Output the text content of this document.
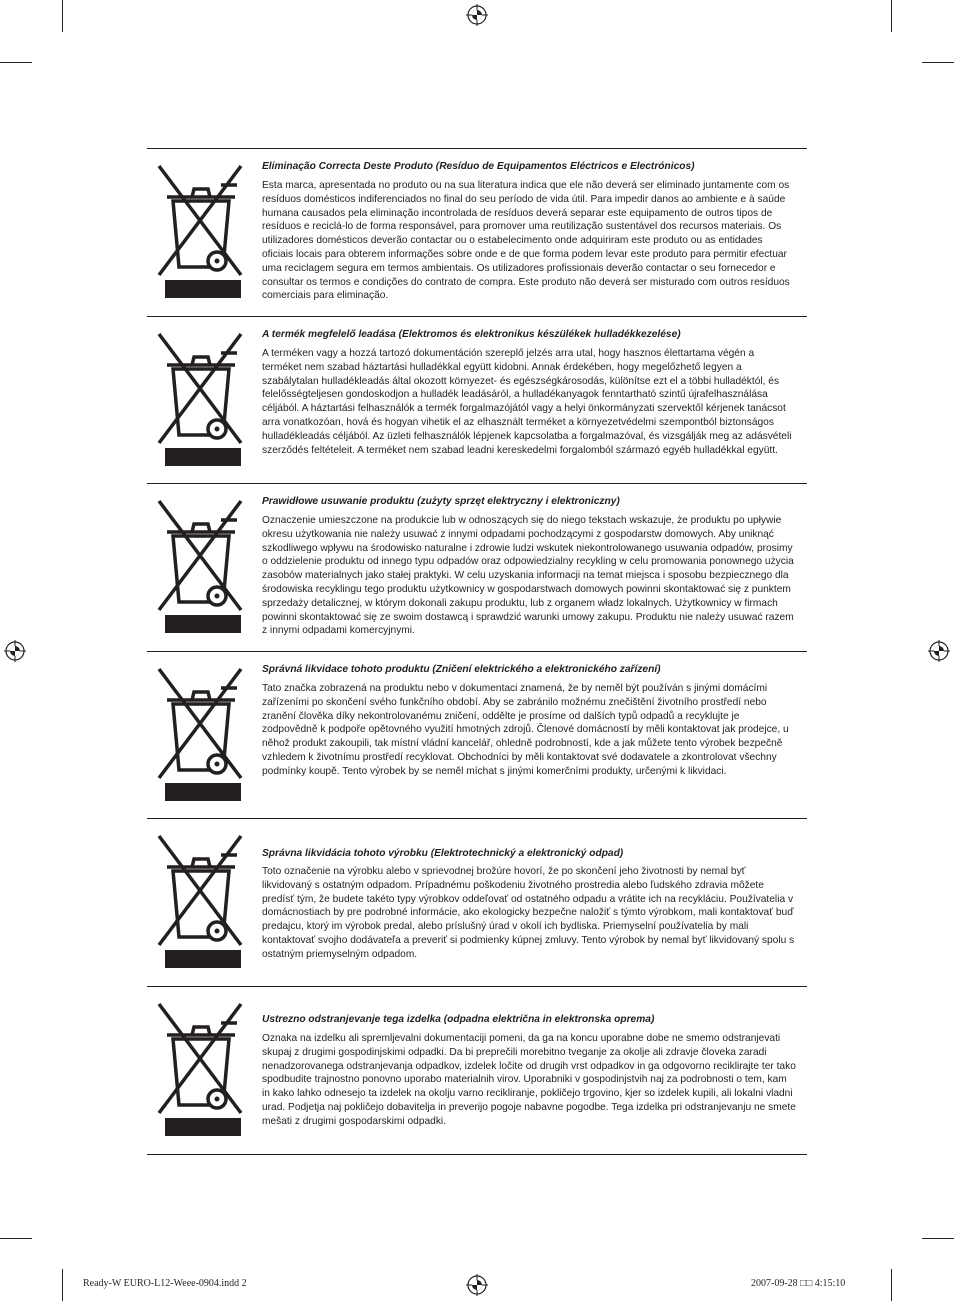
Eliminação Correcta Deste Produto (Resíduo de Equipamentos Eléctricos e Electrónicos)
Esta marca, apresentada no produto ou na sua literatura indica que ele não deverá ser eliminado juntamente com os resíduos domésticos indiferenciados no final do seu período de vida útil. Para impedir danos ao ambiente e à saúde humana causados pela eliminação incontrolada de resíduos deverá separar este equipamento de outros tipos de resíduos e reciclá-lo de forma responsável, para promover uma reutilização sustentável dos recursos materiais. Os utilizadores domésticos deverão contactar ou o estabelecimento onde adquiriram este produto ou as entidades oficiais locais para obterem informações sobre onde e de que forma podem levar este produto para permitir efectuar uma reciclagem segura em termos ambientais. Os utilizadores profissionais deverão contactar o seu fornecedor e consultar os termos e condições do contrato de compra. Este produto não deverá ser misturado com outros resíduos comerciais para eliminação.
A termék megfelelő leadása (Elektromos és elektronikus készülékek hulladékkezelése)
A terméken vagy a hozzá tartozó dokumentáción szereplő jelzés arra utal, hogy hasznos élettartama végén a terméket nem szabad háztartási hulladékkal együtt kidobni. Annak érdekében, hogy megelőzhető legyen a szabálytalan hulladékleadás által okozott környezet- és egészségkárosodás, különítse ezt el a többi hulladéktól, és felelősségteljesen gondoskodjon a hulladék leadásáról, a hulladékanyagok fenntartható szintű újrafelhasználása céljából. A háztartási felhasználók a termék forgalmazójától vagy a helyi önkormányzati szervektől kérjenek tanácsot arra vonatkozóan, hová és hogyan vihetik el az elhasznált terméket a környezetvédelmi szempontból biztonságos hulladékleadás céljából. Az üzleti felhasználók lépjenek kapcsolatba a forgalmazóval, és vizsgálják meg az adásvételi szerződés feltételeit. A terméket nem szabad leadni kereskedelmi forgalomból származó egyéb hulladékkal együtt.
Prawidłowe usuwanie produktu (zużyty sprzęt elektryczny i elektroniczny)
Oznaczenie umieszczone na produkcie lub w odnoszących się do niego tekstach wskazuje, że produktu po upływie okresu użytkowania nie należy usuwać z innymi odpadami pochodzącymi z gospodarstw domowych. Aby uniknąć szkodliwego wpływu na środowisko naturalne i zdrowie ludzi wskutek niekontrolowanego usuwania odpadów, prosimy o oddzielenie produktu od innego typu odpadów oraz odpowiedzialny recykling w celu promowania ponownego użycia zasobów materialnych jako stałej praktyki. W celu uzyskania informacji na temat miejsca i sposobu bezpiecznego dla środowiska recyklingu tego produktu użytkownicy w gospodarstwach domowych powinni skontaktować się z punktem sprzedaży detalicznej, w którym dokonali zakupu produktu, lub z organem władz lokalnych. Użytkownicy w firmach powinni skontaktować się ze swoim dostawcą i sprawdzić warunki umowy zakupu. Produktu nie należy usuwać razem z innymi odpadami komercyjnymi.
Správná likvidace tohoto produktu (Zničení elektrického a elektronického zařízení)
Tato značka zobrazená na produktu nebo v dokumentaci znamená, že by neměl být používán s jinými domácími zařízeními po skončení svého funkčního období. Aby se zabránilo možnému znečištění životního prostředí nebo zranění člověka díky nekontrolovanému zničení, oddělte je prosíme od dalších typů odpadů a recyklujte je zodpovědně k podpoře opětovného využití hmotných zdrojů. Členové domácností by měli kontaktovat jak prodejce, u něhož produkt zakoupili, tak místní vládní kancelář, ohledně podrobností, kde a jak můžete tento výrobek bezpečně vzhledem k životnímu prostředí recyklovat. Obchodníci by měli kontaktovat své dodavatele a zkontrolovat všechny podmínky koupě. Tento výrobek by se neměl míchat s jinými komerčními produkty, určenými k likvidaci.
Správna likvidácia tohoto výrobku (Elektrotechnický a elektronický odpad)
Toto označenie na výrobku alebo v sprievodnej brožúre hovorí, že po skončení jeho životnosti by nemal byť likvidovaný s ostatným odpadom. Prípadnému poškodeniu životného prostredia alebo ľudského zdravia môžete predísť tým, že budete takéto typy výrobkov oddeľovať od ostatného odpadu a vrátite ich na recykláciu. Používatelia v domácnostiach by pre podrobné informácie, ako ekologicky bezpečne naložiť s týmto výrobkom, mali kontaktovať buď predajcu, ktorý im výrobok predal, alebo príslušný úrad v okolí ich bydliska. Priemyselní používatelia by mali kontaktovať svojho dodávateľa a preveriť si podmienky kúpnej zmluvy. Tento výrobok by nemal byť likvidovaný spolu s ostatným priemyselným odpadom.
Ustrezno odstranjevanje tega izdelka (odpadna električna in elektronska oprema)
Oznaka na izdelku ali spremljevalni dokumentaciji pomeni, da ga na koncu uporabne dobe ne smemo odstranjevati skupaj z drugimi gospodinjskimi odpadki. Da bi preprečili morebitno tveganje za okolje ali zdravje človeka zaradi nenadzorovanega odstranjevanja odpadkov, izdelek ločite od drugih vrst odpadkov in ga odgovorno reciklirajte ter tako spodbudite trajnostno ponovno uporabo materialnih virov. Uporabniki v gospodinjstvih naj za podrobnosti o tem, kam in kako lahko odnesejo ta izdelek na okolju varno recikliranje, pokličejo trgovino, kjer so izdelek kupili, ali lokalni vladni urad. Podjetja naj pokličejo dobavitelja in preverijo pogoje nabavne pogodbe. Tega izdelka pri odstranjevanju ne smete mešati z drugimi gospodarskimi odpadki.
Ready-W EURO-L12-Weee-0904.indd 2	2007-09-28 □□ 4:15:10
